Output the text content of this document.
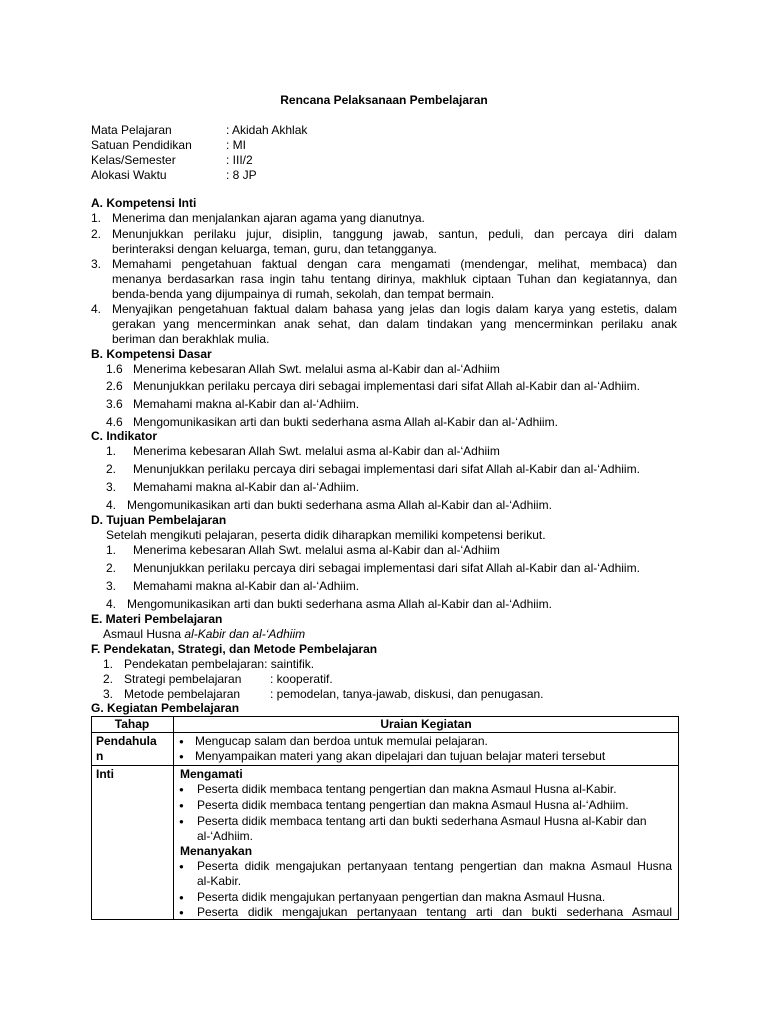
Rencana Pelaksanaan Pembelajaran
Mata Pelajaran	: Akidah Akhlak
Satuan Pendidikan	: MI
Kelas/Semester	: III/2
Alokasi Waktu	: 8 JP
A. Kompetensi Inti
1. Menerima dan menjalankan ajaran agama yang dianutnya.
2. Menunjukkan perilaku jujur, disiplin, tanggung jawab, santun, peduli, dan percaya diri dalam
berinteraksi dengan keluarga, teman, guru, dan tetangganya.
3. Memahami pengetahuan faktual dengan cara mengamati (mendengar, melihat, membaca) dan
menanya berdasarkan rasa ingin tahu tentang dirinya, makhluk ciptaan Tuhan dan kegiatannya, dan
benda-benda yang dijumpainya di rumah, sekolah, dan tempat bermain.
4. Menyajikan pengetahuan faktual dalam bahasa yang jelas dan logis dalam karya yang estetis, dalam
gerakan yang mencerminkan anak sehat, dan dalam tindakan yang mencerminkan perilaku anak
beriman dan berakhlak mulia.
B. Kompetensi Dasar
1.6 Menerima kebesaran Allah Swt. melalui asma al-Kabir dan al-‘Adhiim
2.6 Menunjukkan perilaku percaya diri sebagai implementasi dari sifat Allah al-Kabir dan al-‘Adhiim.
3.6 Memahami makna al-Kabir dan al-‘Adhiim.
4.6 Mengomunikasikan arti dan bukti sederhana asma Allah al-Kabir dan al-‘Adhiim.
C. Indikator
1. Menerima kebesaran Allah Swt. melalui asma al-Kabir dan al-‘Adhiim
2. Menunjukkan perilaku percaya diri sebagai implementasi dari sifat Allah al-Kabir dan al-‘Adhiim.
3. Memahami makna al-Kabir dan al-‘Adhiim.
4. Mengomunikasikan arti dan bukti sederhana asma Allah al-Kabir dan al-‘Adhiim.
D. Tujuan Pembelajaran
Setelah mengikuti pelajaran, peserta didik diharapkan memiliki kompetensi berikut.
1. Menerima kebesaran Allah Swt. melalui asma al-Kabir dan al-‘Adhiim
2. Menunjukkan perilaku percaya diri sebagai implementasi dari sifat Allah al-Kabir dan al-‘Adhiim.
3. Memahami makna al-Kabir dan al-‘Adhiim.
4. Mengomunikasikan arti dan bukti sederhana asma Allah al-Kabir dan al-‘Adhiim.
E. Materi Pembelajaran
Asmaul Husna al-Kabir dan al-‘Adhiim
F. Pendekatan, Strategi, dan Metode Pembelajaran
1. Pendekatan pembelajaran: saintifik.
2. Strategi pembelajaran : kooperatif.
3. Metode pembelajaran : pemodelan, tanya-jawab, diskusi, dan penugasan.
G. Kegiatan Pembelajaran
Tahap	Uraian Kegiatan
Pendahula
n
● Mengucap salam dan berdoa untuk memulai pelajaran.
● Menyampaikan materi yang akan dipelajari dan tujuan belajar materi tersebut
Inti	Mengamati
● Peserta didik membaca tentang pengertian dan makna Asmaul Husna al-Kabir.
● Peserta didik membaca tentang pengertian dan makna Asmaul Husna al-‘Adhiim.
● Peserta didik membaca tentang arti dan bukti sederhana Asmaul Husna al-Kabir dan
al-‘Adhiim.
Menanyakan
● Peserta didik mengajukan pertanyaan tentang pengertian dan makna Asmaul Husna
al-Kabir.
● Peserta didik mengajukan pertanyaan pengertian dan makna Asmaul Husna.
● Peserta didik mengajukan pertanyaan tentang arti dan bukti sederhana Asmaul
